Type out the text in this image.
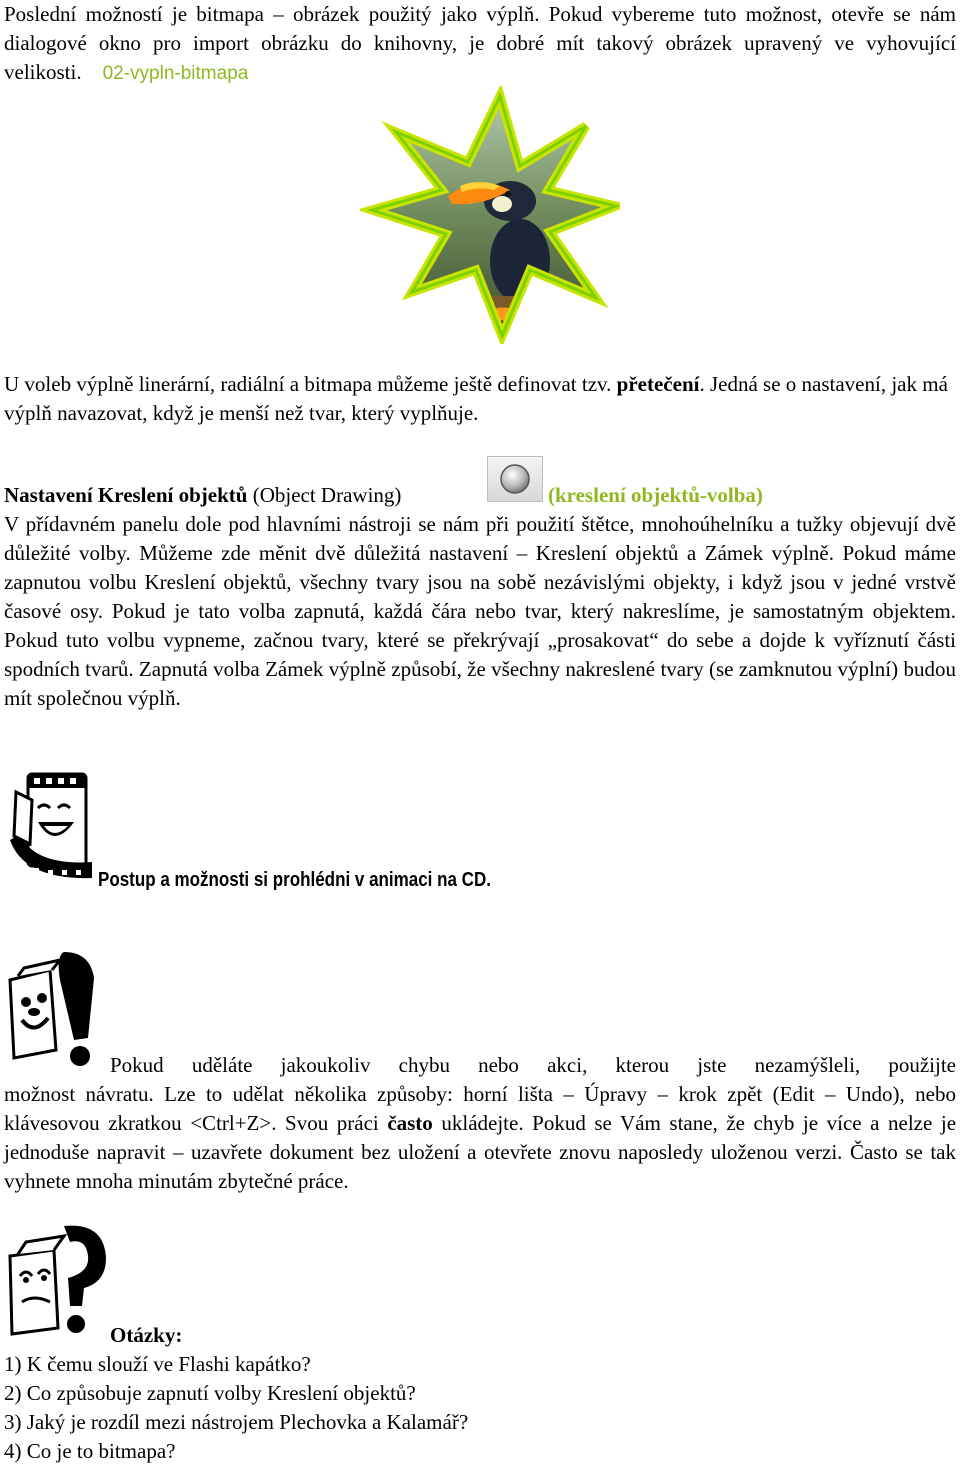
Poslední možností je bitmapa – obrázek použitý jako výplň. Pokud vybereme tuto možnost, otevře se nám dialogové okno pro import obrázku do knihovny, je dobré mít takový obrázek upravený ve vyhovující velikosti. 02-vypln-bitmapa
U voleb výplně linerární, radiální a bitmapa můžeme ještě definovat tzv. přetečení. Jedná se o nastavení, jak má výplň navazovat, když je menší než tvar, který vyplňuje.
Nastavení Kreslení objektů (Object Drawing)	(kreslení objektů-volba)
V přídavném panelu dole pod hlavními nástroji se nám při použití štětce, mnohoúhelníku a tužky objevují dvě důležité volby. Můžeme zde měnit dvě důležitá nastavení – Kreslení objektů a Zámek výplně. Pokud máme zapnutou volbu Kreslení objektů, všechny tvary jsou na sobě nezávislými objekty, i když jsou v jedné vrstvě časové osy. Pokud je tato volba zapnutá, každá čára nebo tvar, který nakreslíme, je samostatným objektem. Pokud tuto volbu vypneme, začnou tvary, které se překrývají „prosakovat“ do sebe a dojde k vyříznutí části spodních tvarů. Zapnutá volba Zámek výplně způsobí, že všechny nakreslené tvary (se zamknutou výplní) budou mít společnou výplň.
Postup a možnosti si prohlédni v animaci na CD.
Pokud uděláte jakoukoliv chybu nebo akci, kterou jste nezamýšleli, použijte
možnost návratu. Lze to udělat několika způsoby: horní lišta – Úpravy – krok zpět (Edit – Undo), nebo klávesovou zkratkou <Ctrl+Z>. Svou práci často ukládejte. Pokud se Vám stane, že chyb je více a nelze je jednoduše napravit – uzavřete dokument bez uložení a otevřete znovu naposledy uloženou verzi. Často se tak vyhnete mnoha minutám zbytečné práce.
Otázky:
1) K čemu slouží ve Flashi kapátko?
2) Co způsobuje zapnutí volby Kreslení objektů?
3) Jaký je rozdíl mezi nástrojem Plechovka a Kalamář?
4) Co je to bitmapa?
